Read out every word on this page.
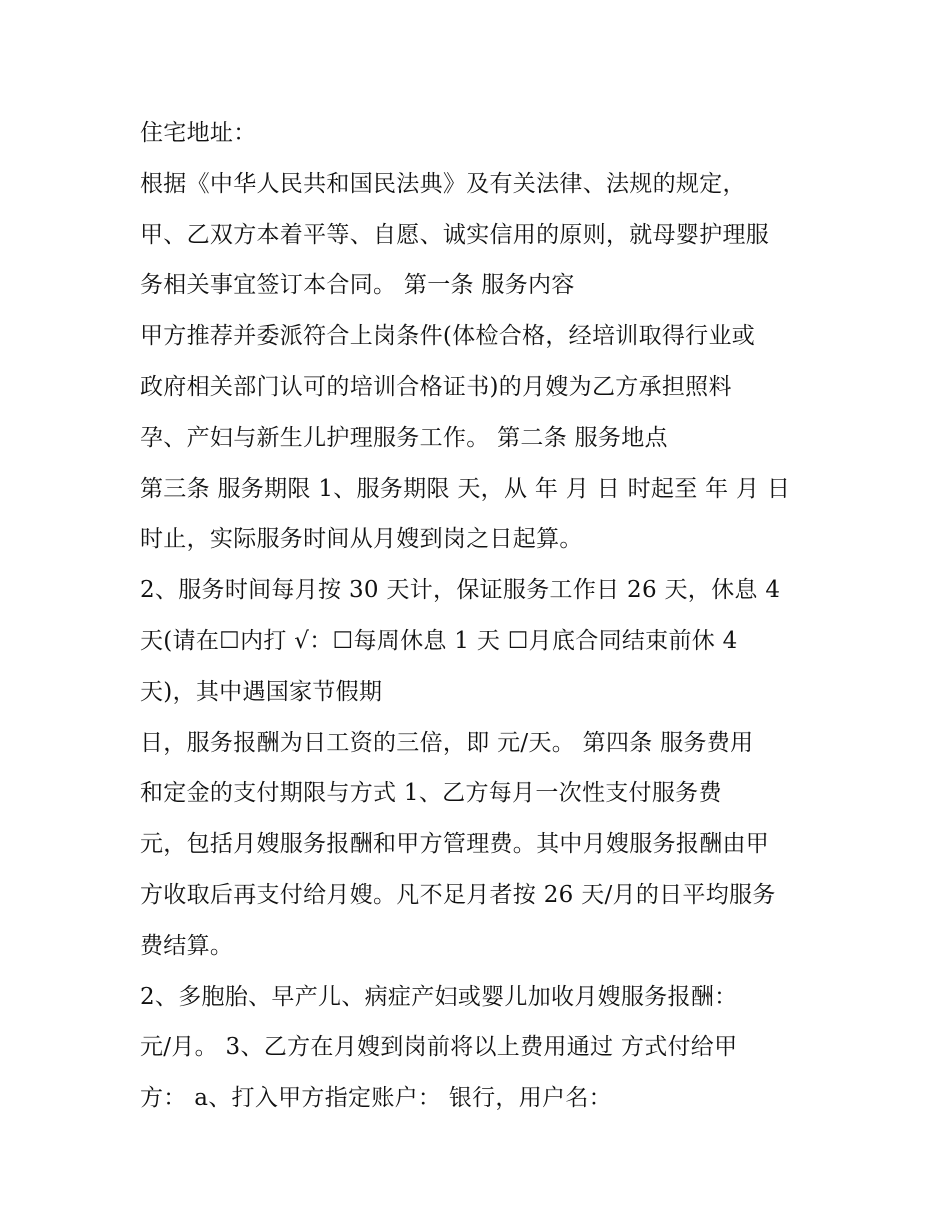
住宅地址：
根据《中华人民共和国民法典》及有关法律、法规的规定，
甲、乙双方本着平等、自愿、诚实信用的原则，就母婴护理服
务相关事宜签订本合同。 第一条 服务内容
甲方推荐并委派符合上岗条件(体检合格，经培训取得行业或
政府相关部门认可的培训合格证书)的月嫂为乙方承担照料
孕、产妇与新生儿护理服务工作。 第二条 服务地点
第三条 服务期限 1、服务期限 天，从 年 月 日 时起至 年 月 日
时止，实际服务时间从月嫂到岗之日起算。
2、服务时间每月按 30 天计，保证服务工作日 26 天，休息 4
天(请在☐内打 √：☐每周休息 1 天 ☐月底合同结束前休 4
天)，其中遇国家节假期
日，服务报酬为日工资的三倍，即 元/天。 第四条 服务费用
和定金的支付期限与方式 1、乙方每月一次性支付服务费
元，包括月嫂服务报酬和甲方管理费。其中月嫂服务报酬由甲
方收取后再支付给月嫂。凡不足月者按 26 天/月的日平均服务
费结算。
2、多胞胎、早产儿、病症产妇或婴儿加收月嫂服务报酬：
元/月。 3、乙方在月嫂到岗前将以上费用通过 方式付给甲
方： a、打入甲方指定账户： 银行，用户名：
